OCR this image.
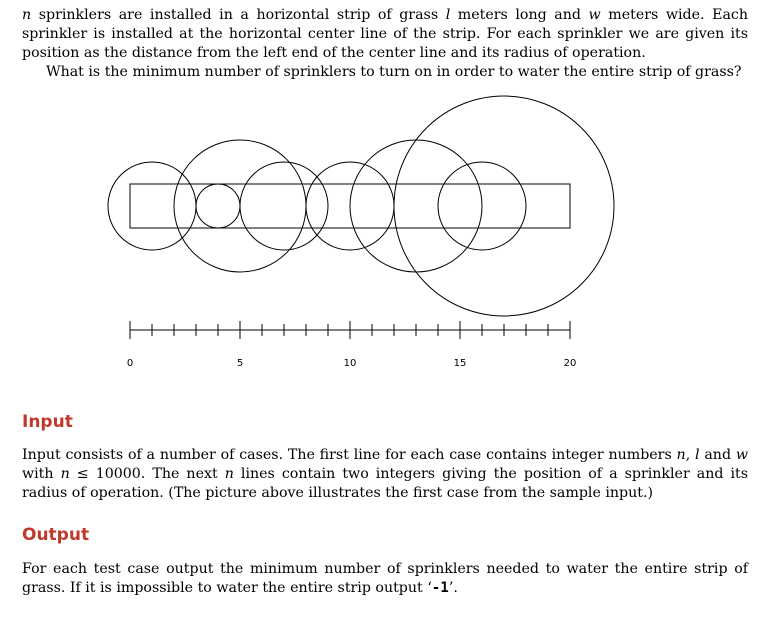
n sprinklers are installed in a horizontal strip of grass l meters long and w meters wide. Each sprinkler is installed at the horizontal center line of the strip. For each sprinkler we are given its position as the distance from the left end of the center line and its radius of operation.

What is the minimum number of sprinklers to turn on in order to water the entire strip of grass?

0	5	10	15	20
Input

Input consists of a number of cases. The first line for each case contains integer numbers n, l and w with n ≤ 10000. The next n lines contain two integers giving the position of a sprinkler and its radius of operation. (The picture above illustrates the first case from the sample input.)

Output

For each test case output the minimum number of sprinklers needed to water the entire strip of grass. If it is impossible to water the entire strip output ‘-1’.
